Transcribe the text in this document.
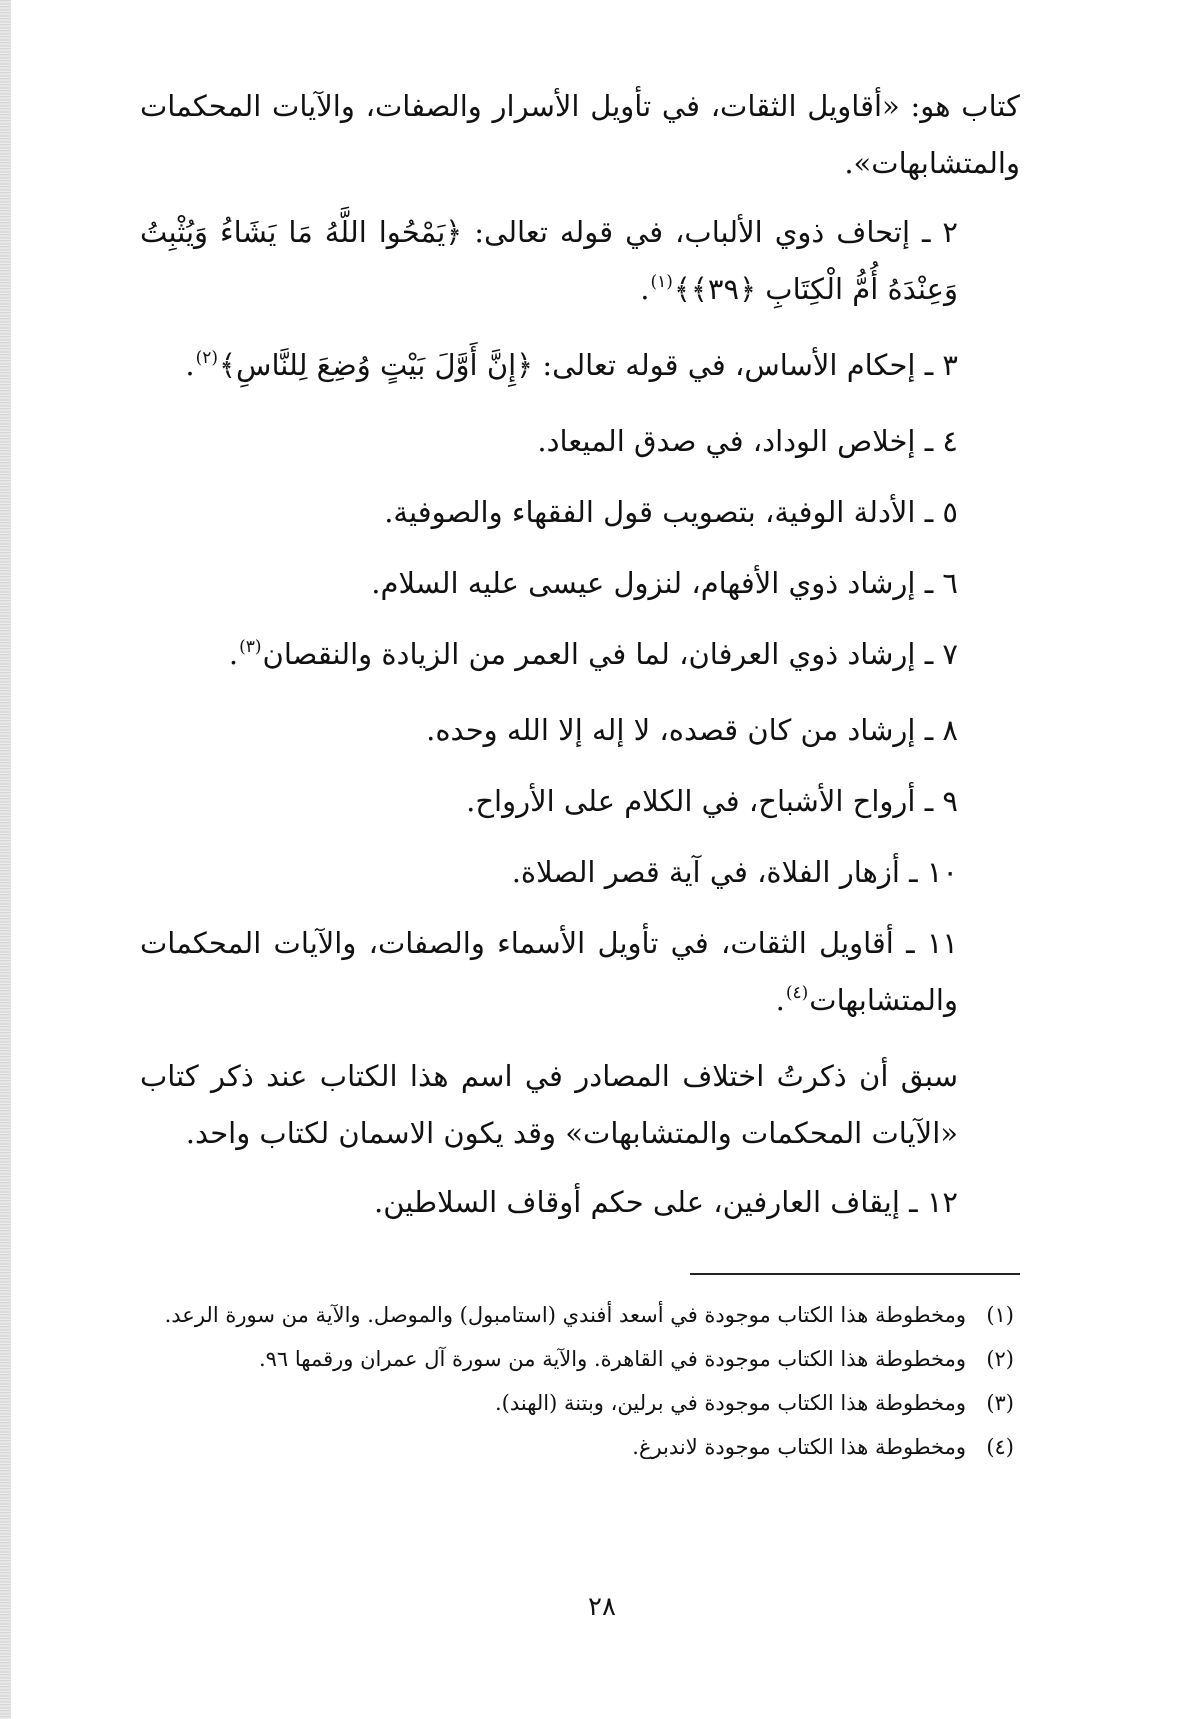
كتاب هو: «أقاويل الثقات، في تأويل الأسرار والصفات، والآيات المحكمات والمتشابهات».

٢ ـ إتحاف ذوي الألباب، في قوله تعالى: ﴿يَمْحُوا اللَّهُ مَا يَشَاءُ وَيُثْبِتُ وَعِنْدَهُ أُمُّ الْكِتَابِ ﴿٣٩﴾﴾$^{(١)}$.

٣ ـ إحكام الأساس، في قوله تعالى: ﴿إِنَّ أَوَّلَ بَيْتٍ وُضِعَ لِلنَّاسِ﴾$^{(٢)}$.

٤ ـ إخلاص الوداد، في صدق الميعاد.

٥ ـ الأدلة الوفية، بتصويب قول الفقهاء والصوفية.

٦ ـ إرشاد ذوي الأفهام، لنزول عيسى عليه السلام.

٧ ـ إرشاد ذوي العرفان، لما في العمر من الزيادة والنقصان$^{(٣)}$.

٨ ـ إرشاد من كان قصده، لا إله إلا الله وحده.

٩ ـ أرواح الأشباح، في الكلام على الأرواح.

١٠ ـ أزهار الفلاة، في آية قصر الصلاة.

١١ ـ أقاويل الثقات، في تأويل الأسماء والصفات، والآيات المحكمات والمتشابهات$^{(٤)}$.

سبق أن ذكرتُ اختلاف المصادر في اسم هذا الكتاب عند ذكر كتاب «الآيات المحكمات والمتشابهات» وقد يكون الاسمان لكتاب واحد.

١٢ ـ إيقاف العارفين، على حكم أوقاف السلاطين.

(١)
ومخطوطة هذا الكتاب موجودة في أسعد أفندي (استامبول) والموصل. والآية من سورة الرعد.
(٢)
ومخطوطة هذا الكتاب موجودة في القاهرة. والآية من سورة آل عمران ورقمها ٩٦.
(٣)
ومخطوطة هذا الكتاب موجودة في برلين، وبتنة (الهند).
(٤)
ومخطوطة هذا الكتاب موجودة لاندبرغ.
٢٨
